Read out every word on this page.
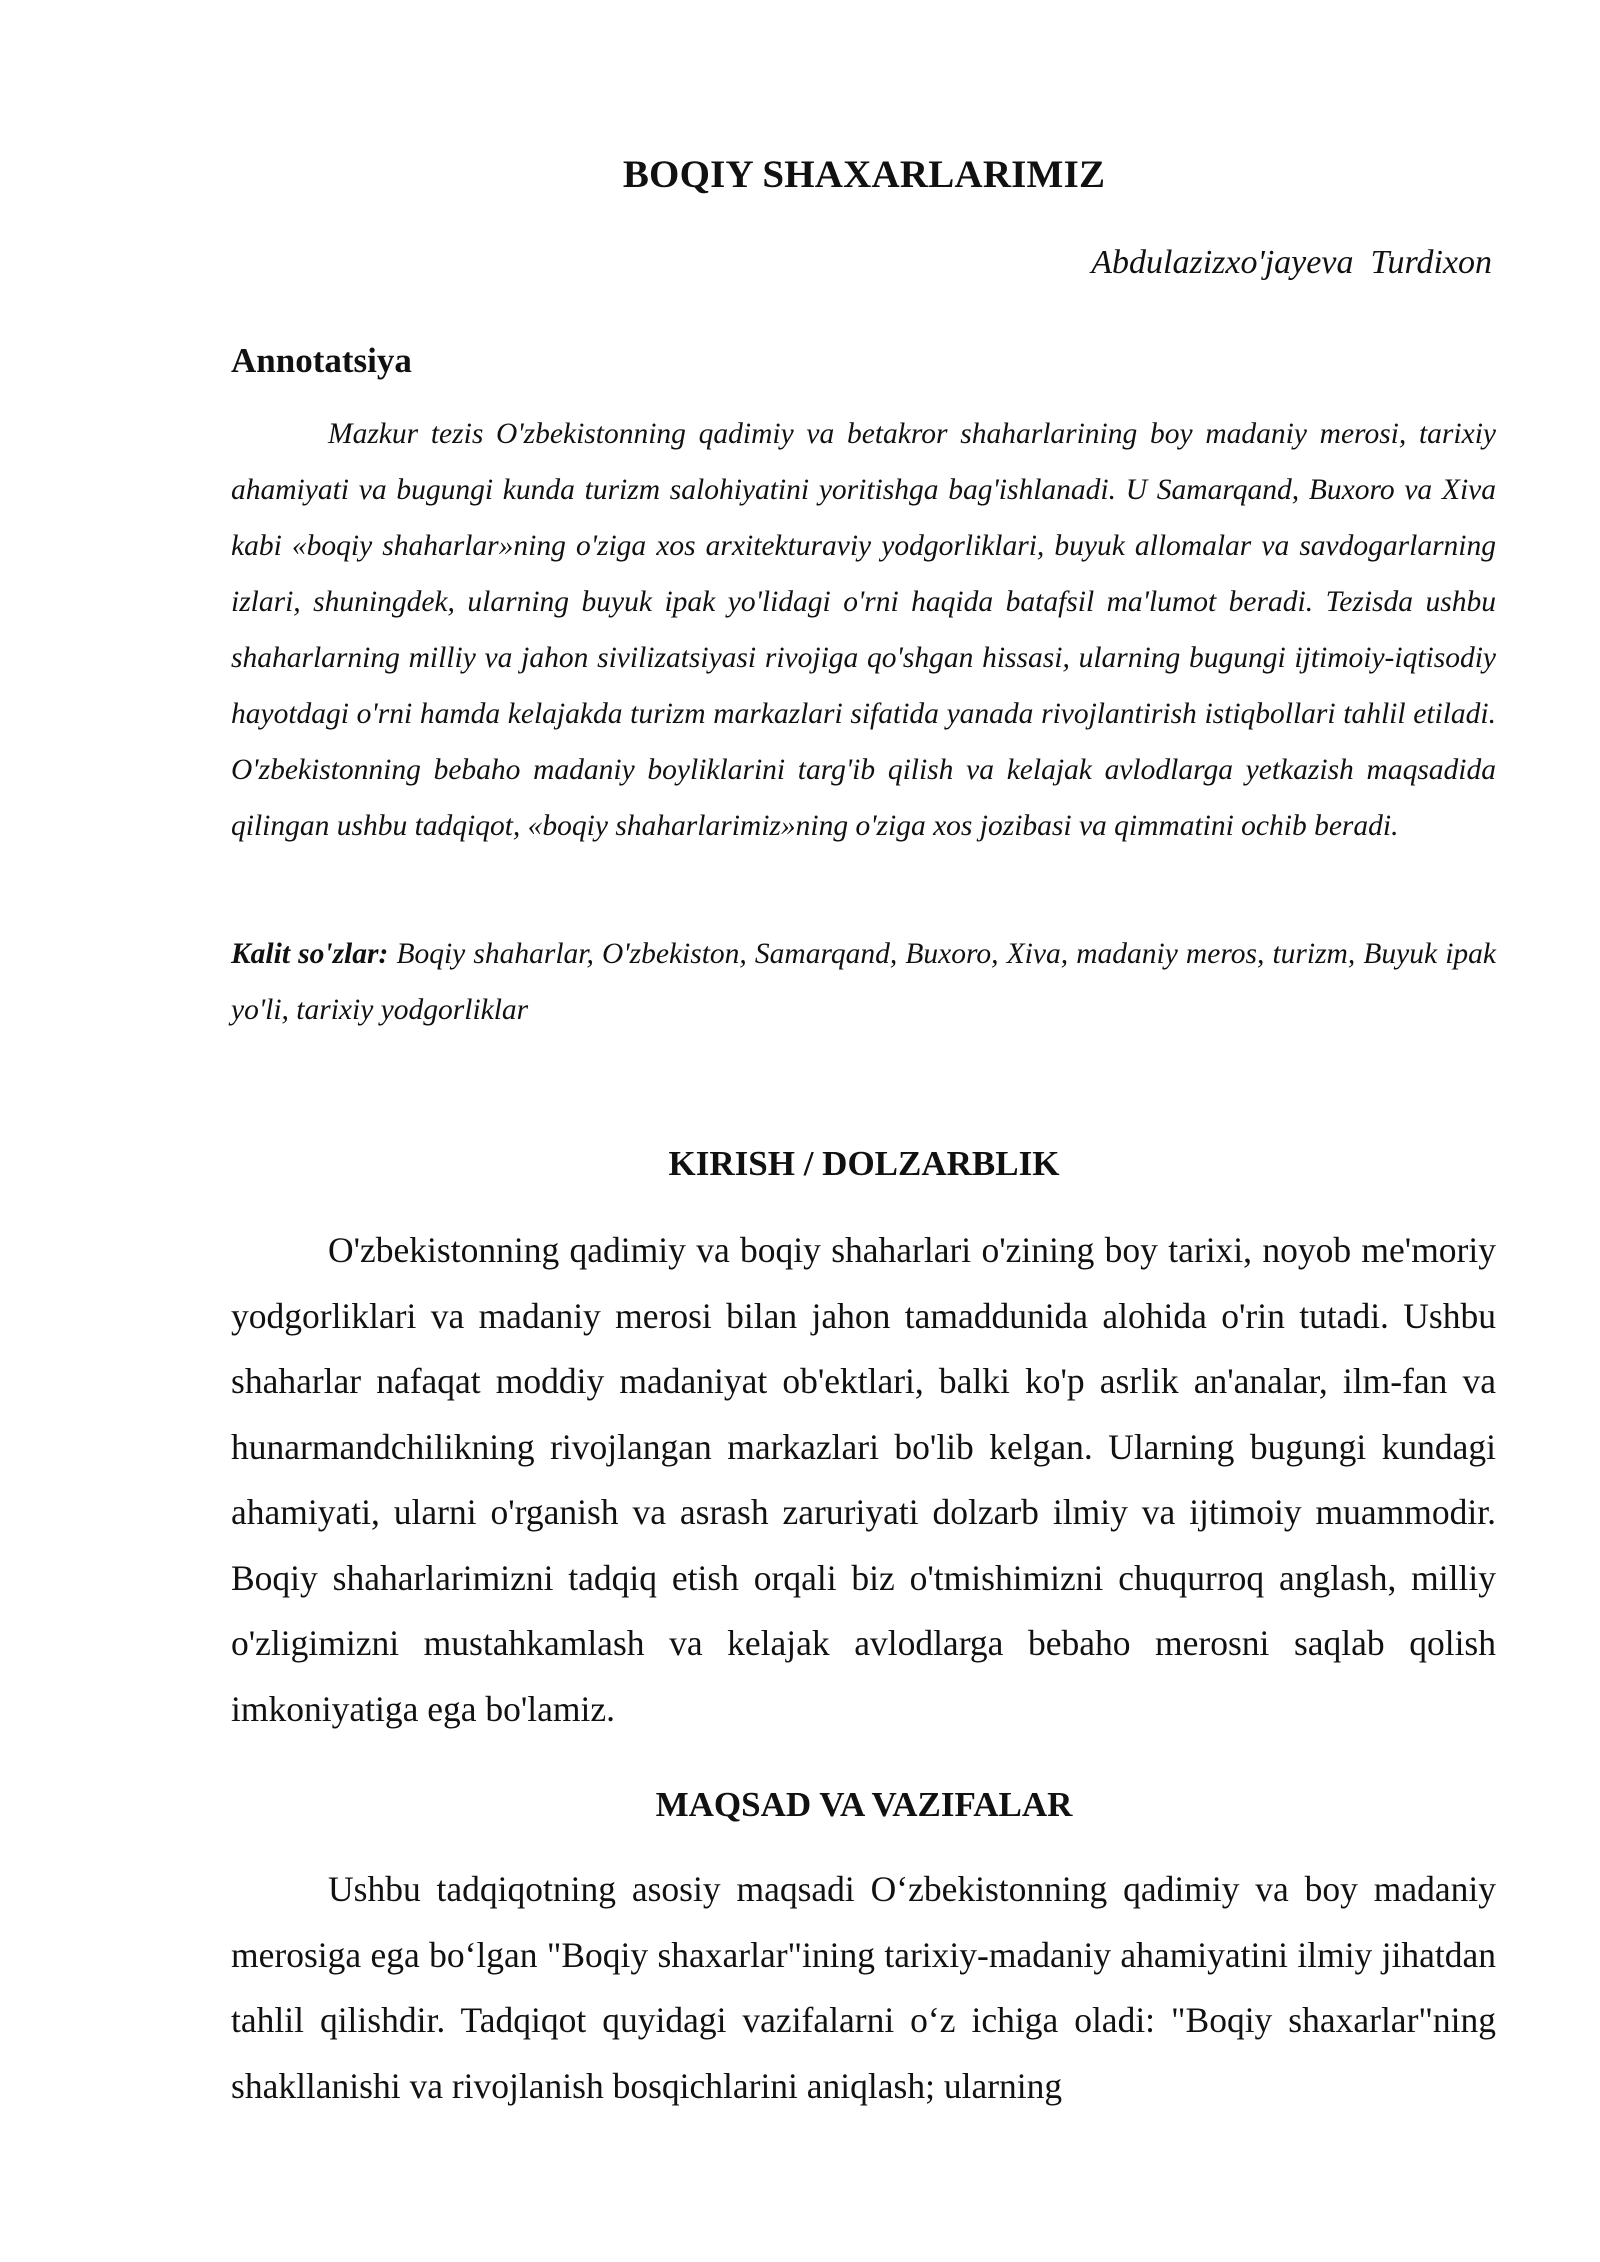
BOQIY SHAXARLARIMIZ

Abdulazizxo'jayeva  Turdixon

Annotatsiya

Mazkur tezis O'zbekistonning qadimiy va betakror shaharlarining boy madaniy merosi, tarixiy ahamiyati va bugungi kunda turizm salohiyatini yoritishga bag'ishlanadi. U Samarqand, Buxoro va Xiva kabi «boqiy shaharlar»ning o'ziga xos arxitekturaviy yodgorliklari, buyuk allomalar va savdogarlarning izlari, shuningdek, ularning buyuk ipak yo'lidagi o'rni haqida batafsil ma'lumot beradi. Tezisda ushbu shaharlarning milliy va jahon sivilizatsiyasi rivojiga qo'shgan hissasi, ularning bugungi ijtimoiy-iqtisodiy hayotdagi o'rni hamda kelajakda turizm markazlari sifatida yanada rivojlantirish istiqbollari tahlil etiladi. O'zbekistonning bebaho madaniy boyliklarini targ'ib qilish va kelajak avlodlarga yetkazish maqsadida qilingan ushbu tadqiqot, «boqiy shaharlarimiz»ning o'ziga xos jozibasi va qimmatini ochib beradi.

Kalit so'zlar: Boqiy shaharlar, O'zbekiston, Samarqand, Buxoro, Xiva, madaniy meros, turizm, Buyuk ipak yo'li, tarixiy yodgorliklar

KIRISH / DOLZARBLIK

O'zbekistonning qadimiy va boqiy shaharlari o'zining boy tarixi, noyob me'moriy yodgorliklari va madaniy merosi bilan jahon tamaddunida alohida o'rin tutadi. Ushbu shaharlar nafaqat moddiy madaniyat ob'ektlari, balki ko'p asrlik an'analar, ilm-fan va hunarmandchilikning rivojlangan markazlari bo'lib kelgan. Ularning bugungi kundagi ahamiyati, ularni o'rganish va asrash zaruriyati dolzarb ilmiy va ijtimoiy muammodir. Boqiy shaharlarimizni tadqiq etish orqali biz o'tmishimizni chuqurroq anglash, milliy o'zligimizni mustahkamlash va kelajak avlodlarga bebaho merosni saqlab qolish imkoniyatiga ega bo'lamiz.

MAQSAD VA VAZIFALAR

Ushbu tadqiqotning asosiy maqsadi O‘zbekistonning qadimiy va boy madaniy merosiga ega bo‘lgan "Boqiy shaxarlar"ining tarixiy-madaniy ahamiyatini ilmiy jihatdan tahlil qilishdir. Tadqiqot quyidagi vazifalarni o‘z ichiga oladi: "Boqiy shaxarlar"ning shakllanishi va rivojlanish bosqichlarini aniqlash; ularning
